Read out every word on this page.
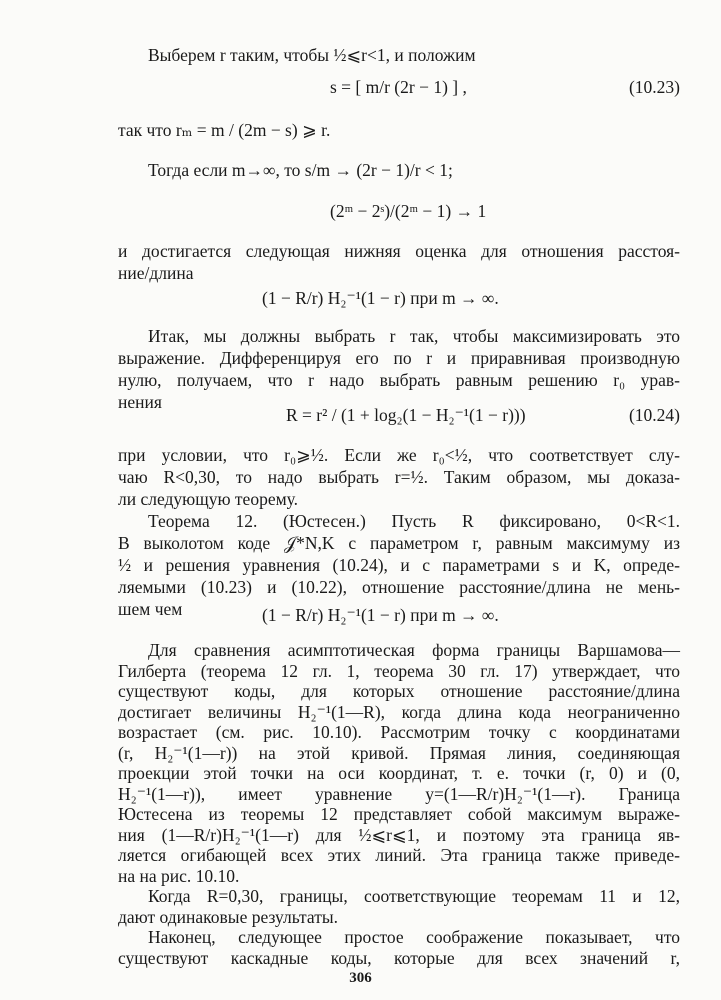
Выберем r таким, чтобы ½⩽r<1, и положим
s = [ m/r (2r − 1) ] ,	(10.23)
так что rₘ = m / (2m − s) ⩾ r.
Тогда если m→∞, то s/m → (2r − 1)/r < 1;
(2ᵐ − 2ˢ)/(2ᵐ − 1) → 1
и достигается следующая нижняя оценка для отношения расстоя-
ние/длина
(1 − R/r) H₂⁻¹(1 − r) при m → ∞.
Итак, мы должны выбрать r так, чтобы максимизировать это
выражение. Дифференцируя его по r и приравнивая производную
нулю, получаем, что r надо выбрать равным решению r₀ урав-
нения
R = r² / (1 + log₂(1 − H₂⁻¹(1 − r)))	(10.24)
при условии, что r₀⩾½. Если же r₀<½, что соответствует слу-
чаю R<0,30, то надо выбрать r=½. Таким образом, мы доказа-
ли следующую теорему.
Теорема 12. (Юстесен.) Пусть R фиксировано, 0<R<1.
В выколотом коде 𝒥*N,K с параметром r, равным максимуму из
½ и решения уравнения (10.24), и с параметрами s и K, опреде-
ляемыми (10.23) и (10.22), отношение расстояние/длина не мень-
шем чем	(1 − R/r) H₂⁻¹(1 − r) при m → ∞.
Для сравнения асимптотическая форма границы Варшамова—
Гилберта (теорема 12 гл. 1, теорема 30 гл. 17) утверждает, что
существуют коды, для которых отношение расстояние/длина
достигает величины H₂⁻¹(1—R), когда длина кода неограниченно
возрастает (см. рис. 10.10). Рассмотрим точку с координатами
(r, H₂⁻¹(1—r)) на этой кривой. Прямая линия, соединяющая
проекции этой точки на оси координат, т. е. точки (r, 0) и (0,
H₂⁻¹(1—r)), имеет уравнение y=(1—R/r)H₂⁻¹(1—r). Граница
Юстесена из теоремы 12 представляет собой максимум выраже-
ния (1—R/r)H₂⁻¹(1—r) для ½⩽r⩽1, и поэтому эта граница яв-
ляется огибающей всех этих линий. Эта граница также приведе-
на на рис. 10.10.
306
Когда R=0,30, границы, соответствующие теоремам 11 и 12,
дают одинаковые результаты.
Наконец, следующее простое соображение показывает, что
существуют каскадные коды, которые для всех значений r,
